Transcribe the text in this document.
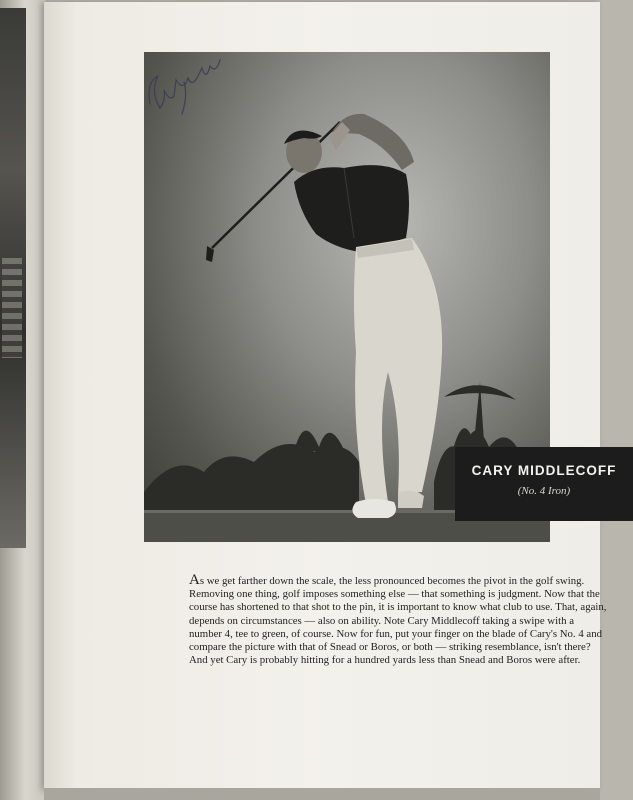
CARY MIDDLECOFF
(No. 4 Iron)

As we get farther down the scale, the less pronounced becomes the pivot in the golf swing. Removing one thing, golf imposes something else — that something is judgment. Now that the course has shortened to that shot to the pin, it is important to know what club to use. That, again, depends on circumstances — also on ability. Note Cary Middlecoff taking a swipe with a number 4, tee to green, of course. Now for fun, put your finger on the blade of Cary's No. 4 and compare the picture with that of Snead or Boros, or both — striking resemblance, isn't there? And yet Cary is probably hitting for a hundred yards less than Snead and Boros were after.
